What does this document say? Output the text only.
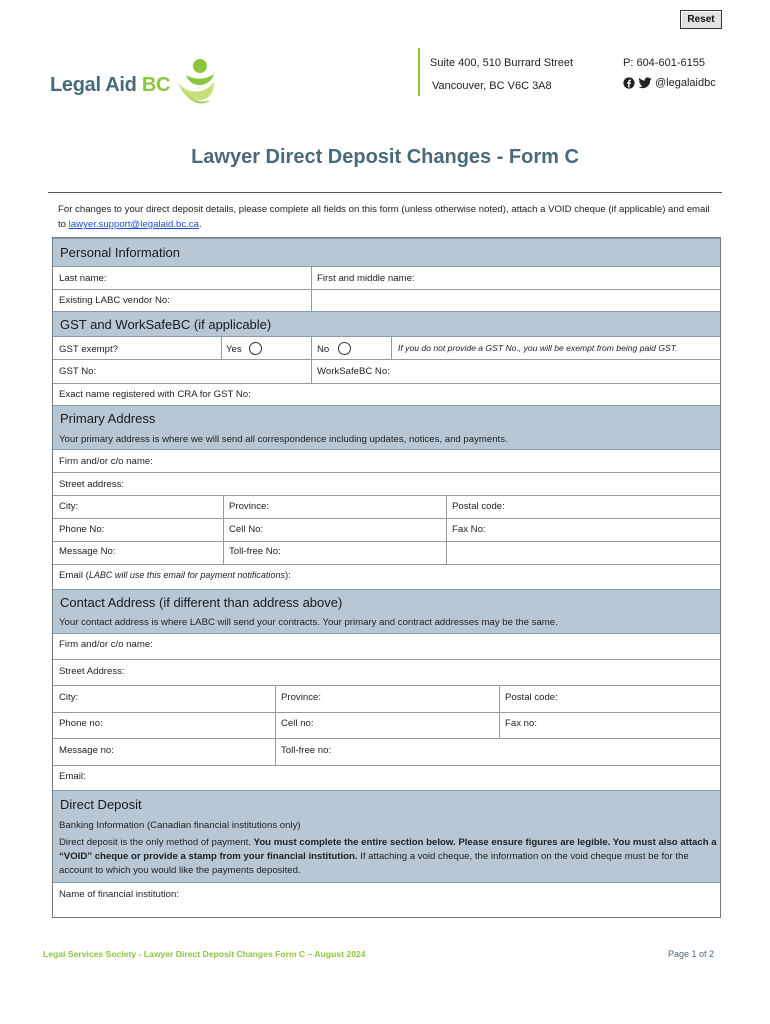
Reset
Legal Aid BC
Suite 400, 510 Burrard Street
Vancouver, BC V6C 3A8
P: 604-601-6155
@legalaidbc
Lawyer Direct Deposit Changes - Form C
For changes to your direct deposit details, please complete all fields on this form (unless otherwise noted), attach a VOID cheque (if applicable) and email to lawyer.support@legalaid.bc.ca.
Personal Information
Last name:	First and middle name:
Existing LABC vendor No:
GST and WorkSafeBC (if applicable)
GST exempt?	Yes	No	If you do not provide a GST No., you will be exempt from being paid GST.
GST No:	WorkSafeBC No:
Exact name registered with CRA for GST No:
Primary Address
Your primary address is where we will send all correspondence including updates, notices, and payments.
Firm and/or c/o name:
Street address:
City:	Province:	Postal code:
Phone No:	Cell No:	Fax No:
Message No:	Toll-free No:
Email (LABC will use this email for payment notifications):
Contact Address (if different than address above)
Your contact address is where LABC will send your contracts. Your primary and contract addresses may be the same.
Firm and/or c/o name:
Street Address:
City:	Province:	Postal code:
Phone no:	Cell no:	Fax no:
Message no:	Toll-free no:
Email:
Direct Deposit
Banking Information (Canadian financial institutions only)
Direct deposit is the only method of payment. You must complete the entire section below. Please ensure figures are legible. You must also attach a “VOID” cheque or provide a stamp from your financial institution. If attaching a void cheque, the information on the void cheque must be for the account to which you would like the payments deposited.
Name of financial institution:
Legal Services Society - Lawyer Direct Deposit Changes Form C – August 2024	Page 1 of 2
